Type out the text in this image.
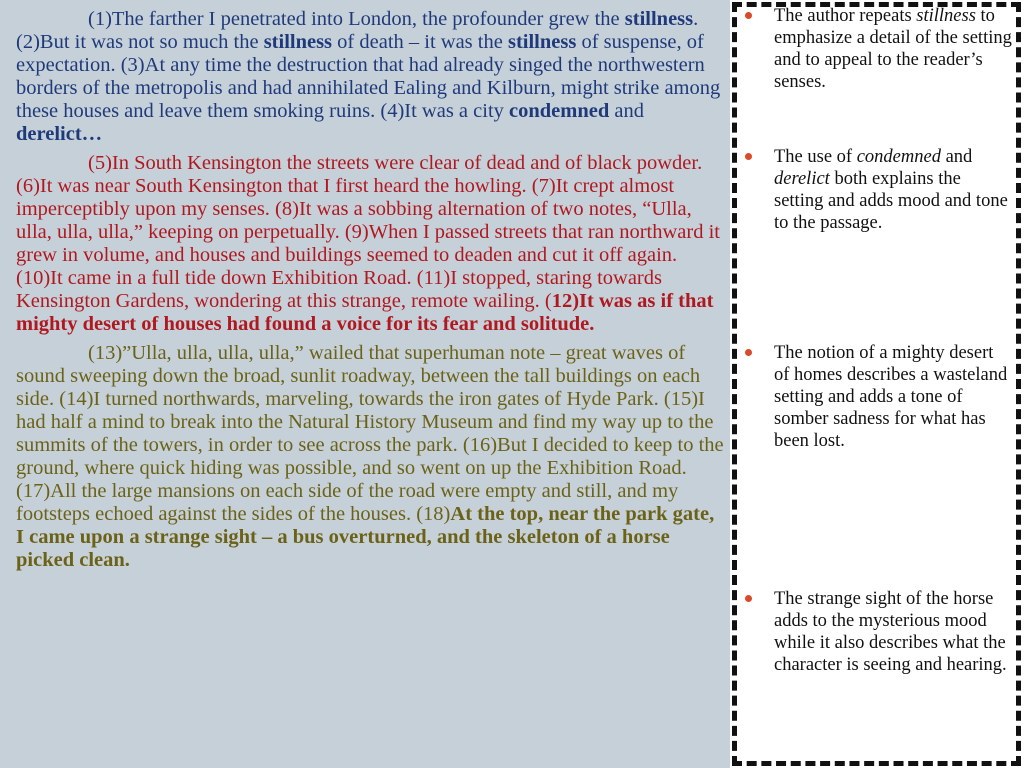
(1)The farther I penetrated into London, the profounder grew the stillness. (2)But it was not so much the stillness of death – it was the stillness of suspense, of expectation. (3)At any time the destruction that had already singed the northwestern borders of the metropolis and had annihilated Ealing and Kilburn, might strike among these houses and leave them smoking ruins. (4)It was a city condemned and derelict…

(5)In South Kensington the streets were clear of dead and of black powder. (6)It was near South Kensington that I first heard the howling. (7)It crept almost imperceptibly upon my senses. (8)It was a sobbing alternation of two notes, “Ulla, ulla, ulla, ulla,” keeping on perpetually. (9)When I passed streets that ran northward it grew in volume, and houses and buildings seemed to deaden and cut it off again. (10)It came in a full tide down Exhibition Road. (11)I stopped, staring towards Kensington Gardens, wondering at this strange, remote wailing. (12)It was as if that mighty desert of houses had found a voice for its fear and solitude.

(13)”Ulla, ulla, ulla, ulla,” wailed that superhuman note – great waves of sound sweeping down the broad, sunlit roadway, between the tall buildings on each side. (14)I turned northwards, marveling, towards the iron gates of Hyde Park. (15)I had half a mind to break into the Natural History Museum and find my way up to the summits of the towers, in order to see across the park. (16)But I decided to keep to the ground, where quick hiding was possible, and so went on up the Exhibition Road. (17)All the large mansions on each side of the road were empty and still, and my footsteps echoed against the sides of the houses. (18)At the top, near the park gate, I came upon a strange sight – a bus overturned, and the skeleton of a horse picked clean.

The author repeats stillness to emphasize a detail of the setting and to appeal to the reader’s senses.
The use of condemned and derelict both explains the setting and adds mood and tone to the passage.
The notion of a mighty desert of homes describes a wasteland setting and adds a tone of somber sadness for what has been lost.
The strange sight of the horse adds to the mysterious mood while it also describes what the character is seeing and hearing.
